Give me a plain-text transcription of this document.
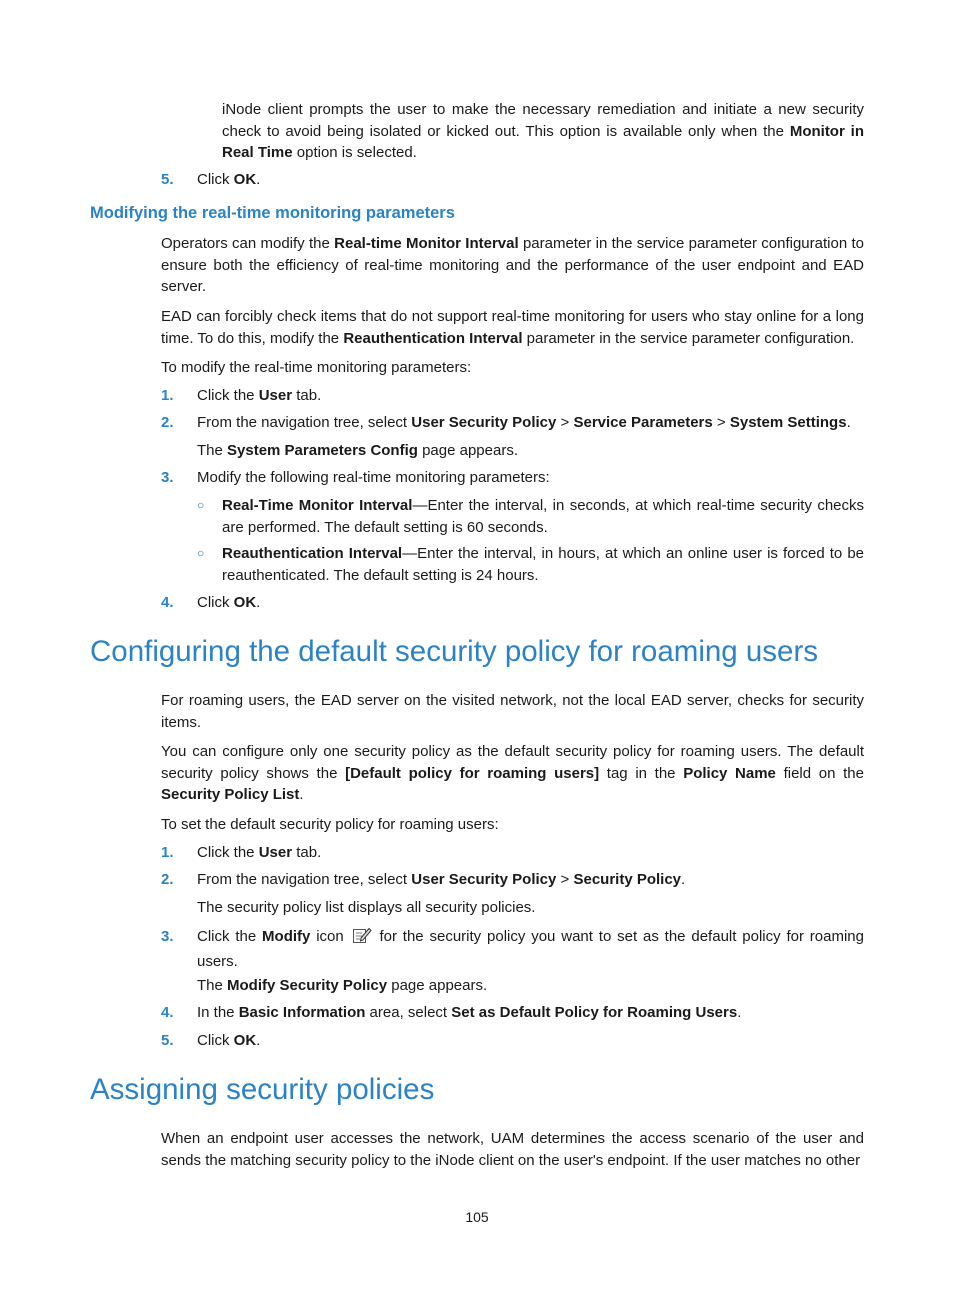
iNode client prompts the user to make the necessary remediation and initiate a new security check to avoid being isolated or kicked out. This option is available only when the Monitor in Real Time option is selected.

5. Click OK.
Modifying the real-time monitoring parameters

Operators can modify the Real-time Monitor Interval parameter in the service parameter configuration to ensure both the efficiency of real-time monitoring and the performance of the user endpoint and EAD server.

EAD can forcibly check items that do not support real-time monitoring for users who stay online for a long time. To do this, modify the Reauthentication Interval parameter in the service parameter configuration.

To modify the real-time monitoring parameters:

1. Click the User tab.
2. From the navigation tree, select User Security Policy > Service Parameters > System Settings.

The System Parameters Config page appears.

3. Modify the following real-time monitoring parameters:
○ Real-Time Monitor Interval—Enter the interval, in seconds, at which real-time security checks are performed. The default setting is 60 seconds.
○ Reauthentication Interval—Enter the interval, in hours, at which an online user is forced to be reauthenticated. The default setting is 24 hours.
4. Click OK.
Configuring the default security policy for roaming users

For roaming users, the EAD server on the visited network, not the local EAD server, checks for security items.

You can configure only one security policy as the default security policy for roaming users. The default security policy shows the [Default policy for roaming users] tag in the Policy Name field on the Security Policy List.

To set the default security policy for roaming users:

1. Click the User tab.
2. From the navigation tree, select User Security Policy > Security Policy.

The security policy list displays all security policies.

3. Click the Modify icon  for the security policy you want to set as the default policy for roaming users.

The Modify Security Policy page appears.

4. In the Basic Information area, select Set as Default Policy for Roaming Users.
5. Click OK.
Assigning security policies

When an endpoint user accesses the network, UAM determines the access scenario of the user and sends the matching security policy to the iNode client on the user's endpoint. If the user matches no other

105
